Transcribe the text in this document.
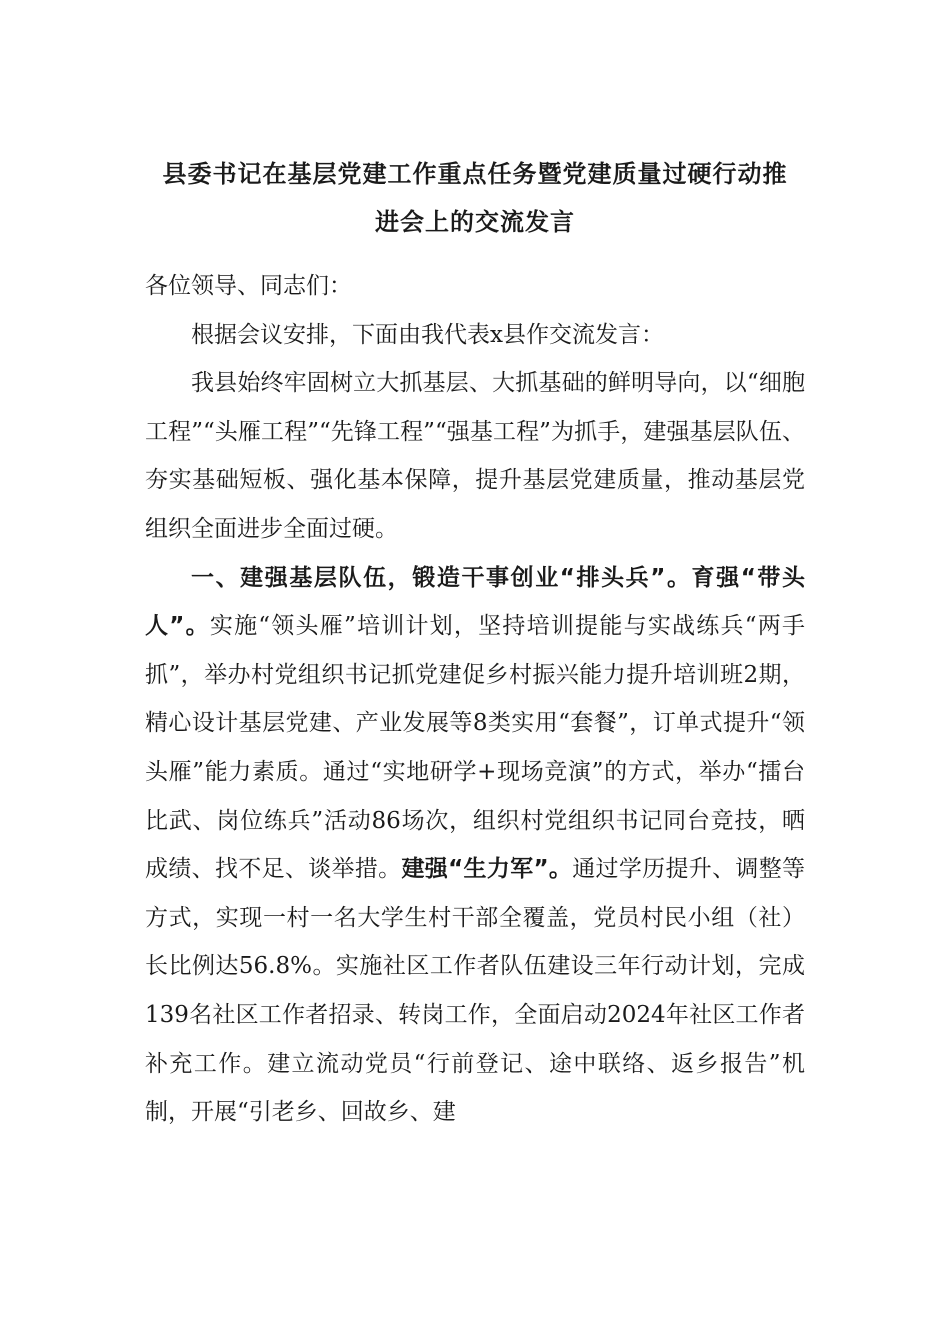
县委书记在基层党建工作重点任务暨党建质量过硬行动推
进会上的交流发言

各位领导、同志们：

根据会议安排，下面由我代表x县作交流发言：

我县始终牢固树立大抓基层、大抓基础的鲜明导向，以“细胞工程”“头雁工程”“先锋工程”“强基工程”为抓手，建强基层队伍、夯实基础短板、强化基本保障，提升基层党建质量，推动基层党组织全面进步全面过硬。

一、建强基层队伍，锻造干事创业“排头兵”。育强“带头人”。实施“领头雁”培训计划，坚持培训提能与实战练兵“两手抓”，举办村党组织书记抓党建促乡村振兴能力提升培训班2期，精心设计基层党建、产业发展等8类实用“套餐”，订单式提升“领头雁”能力素质。通过“实地研学+现场竞演”的方式，举办“擂台比武、岗位练兵”活动86场次，组织村党组织书记同台竞技，晒成绩、找不足、谈举措。建强“生力军”。通过学历提升、调整等方式，实现一村一名大学生村干部全覆盖，党员村民小组（社）长比例达56.8%。实施社区工作者队伍建设三年行动计划，完成139名社区工作者招录、转岗工作，全面启动2024年社区工作者补充工作。建立流动党员“行前登记、途中联络、返乡报告”机制，开展“引老乡、回故乡、建
